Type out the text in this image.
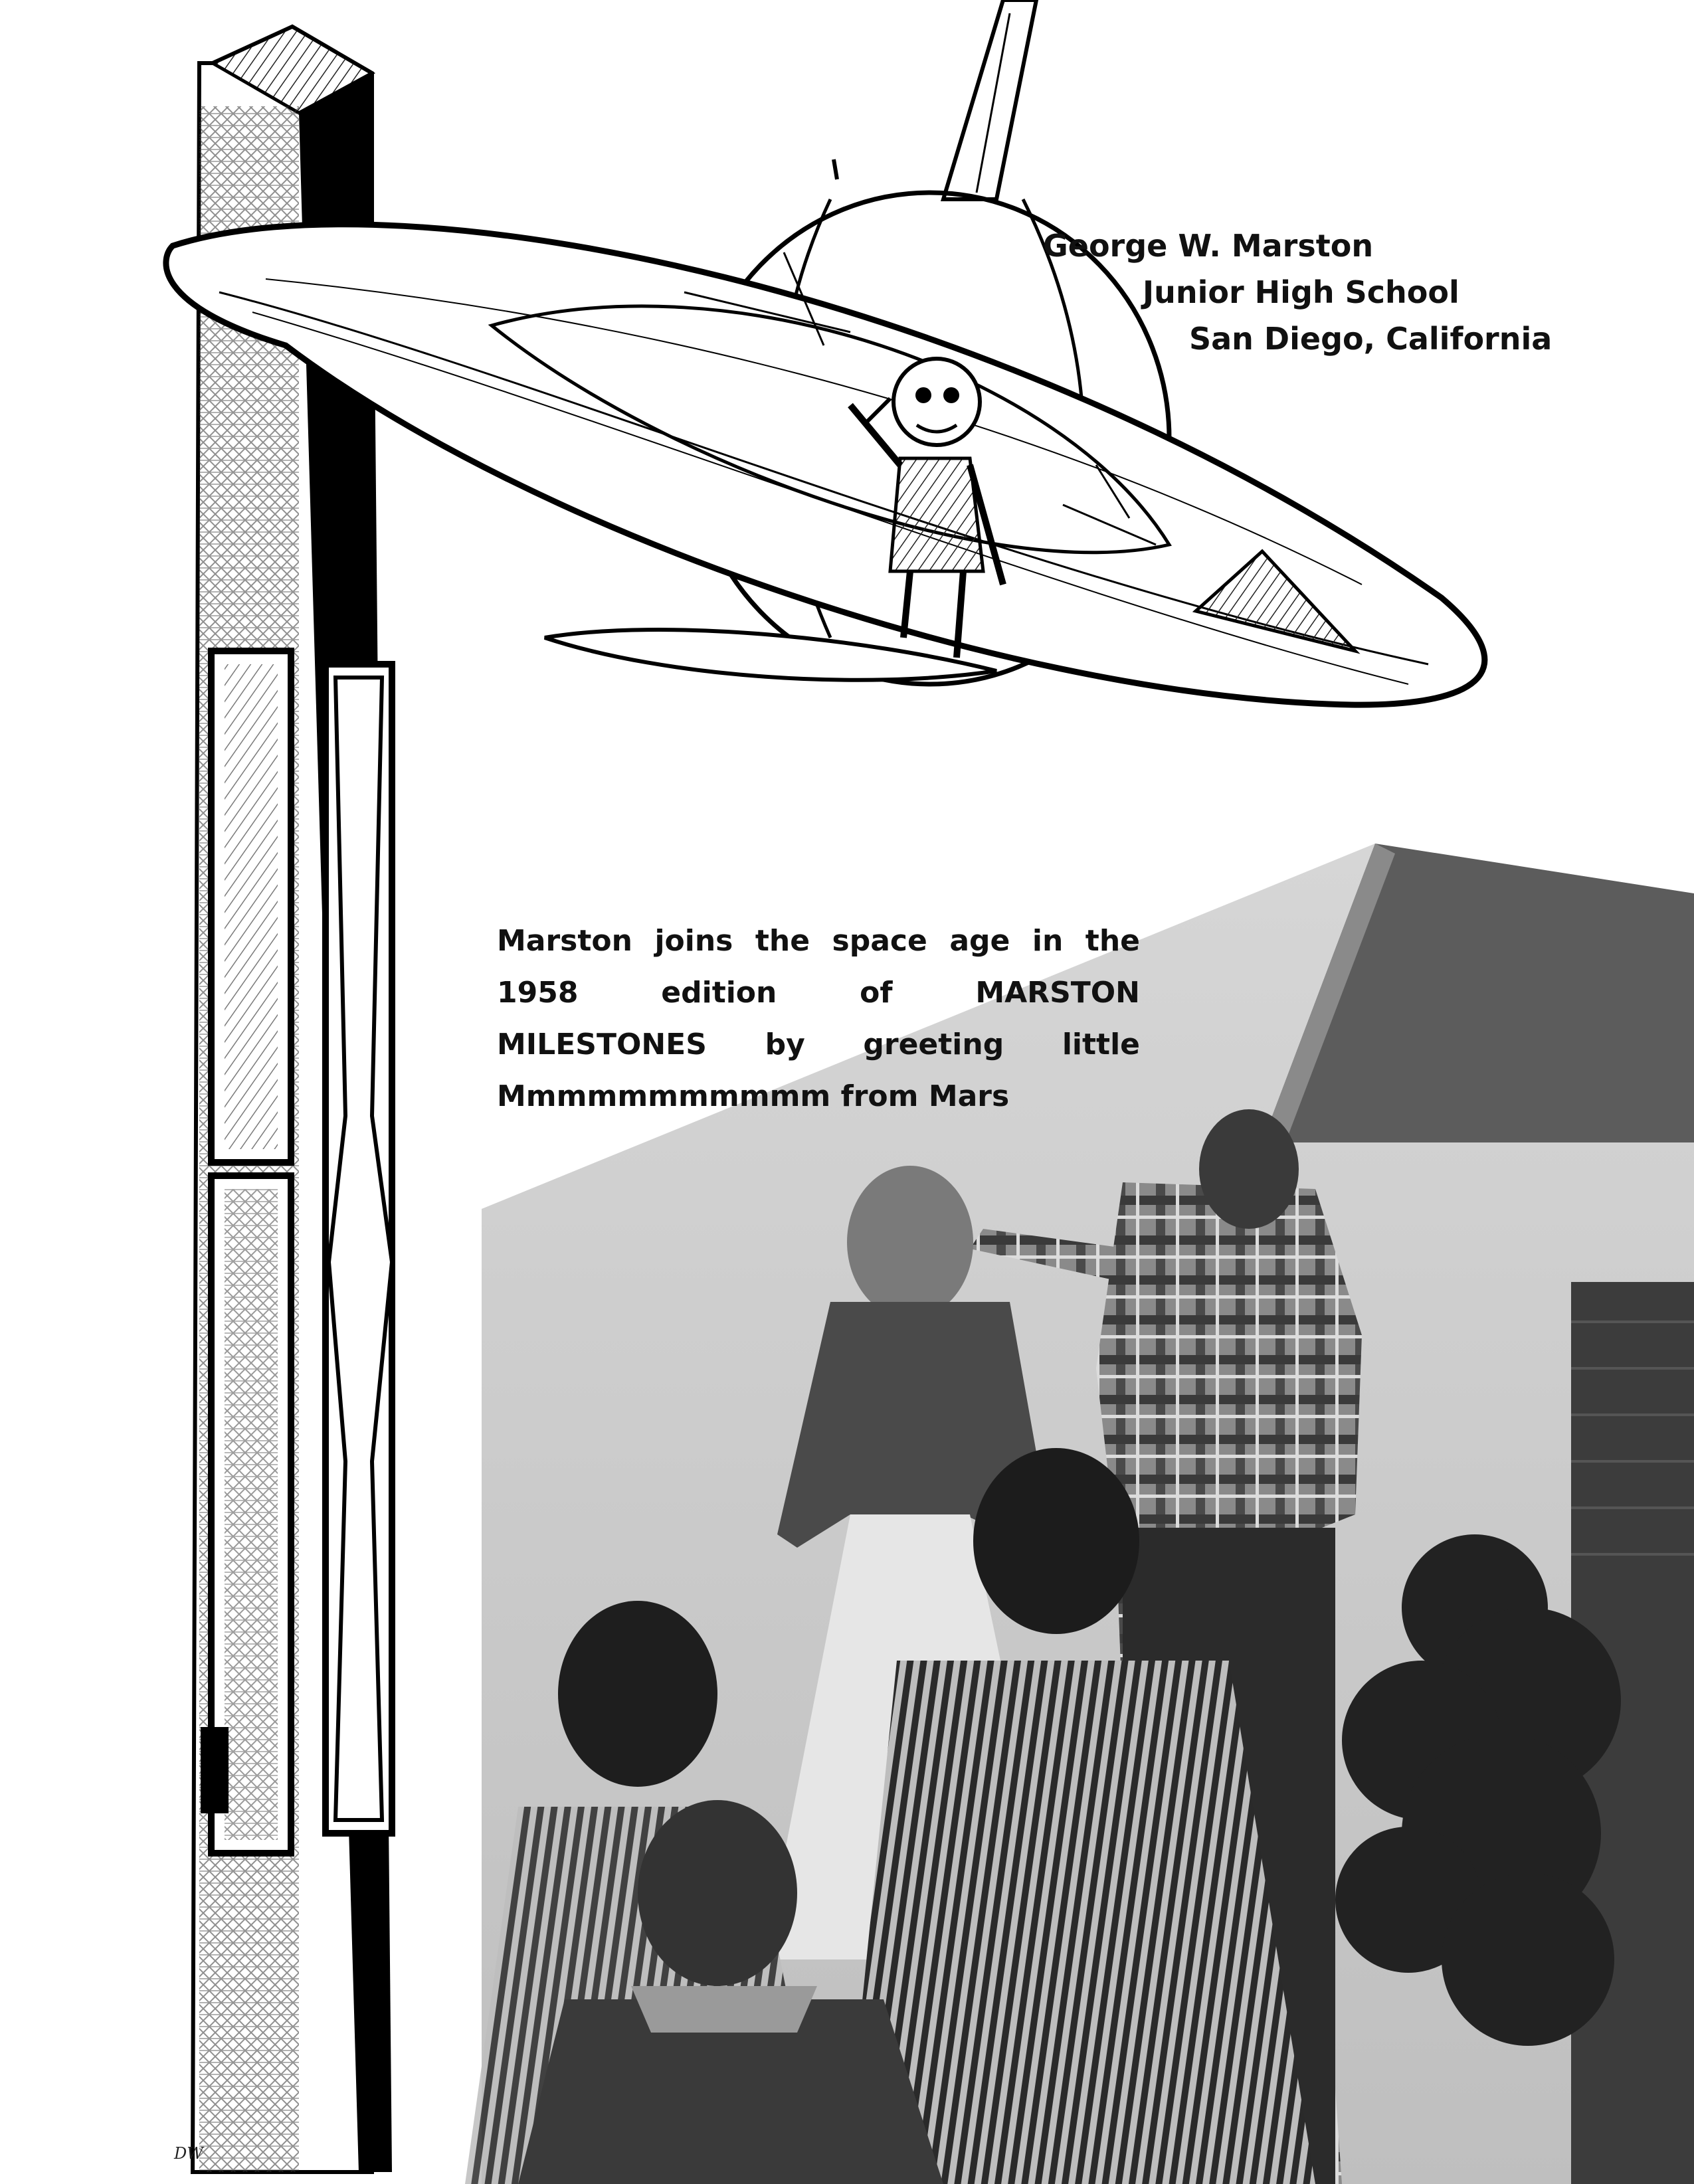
George W. Marston
Junior High School
San Diego, California
Marston joins the space age in the 1958 edition of MARSTON MILESTONES by greeting little Mmmmmmmmmmm from Mars
DW
